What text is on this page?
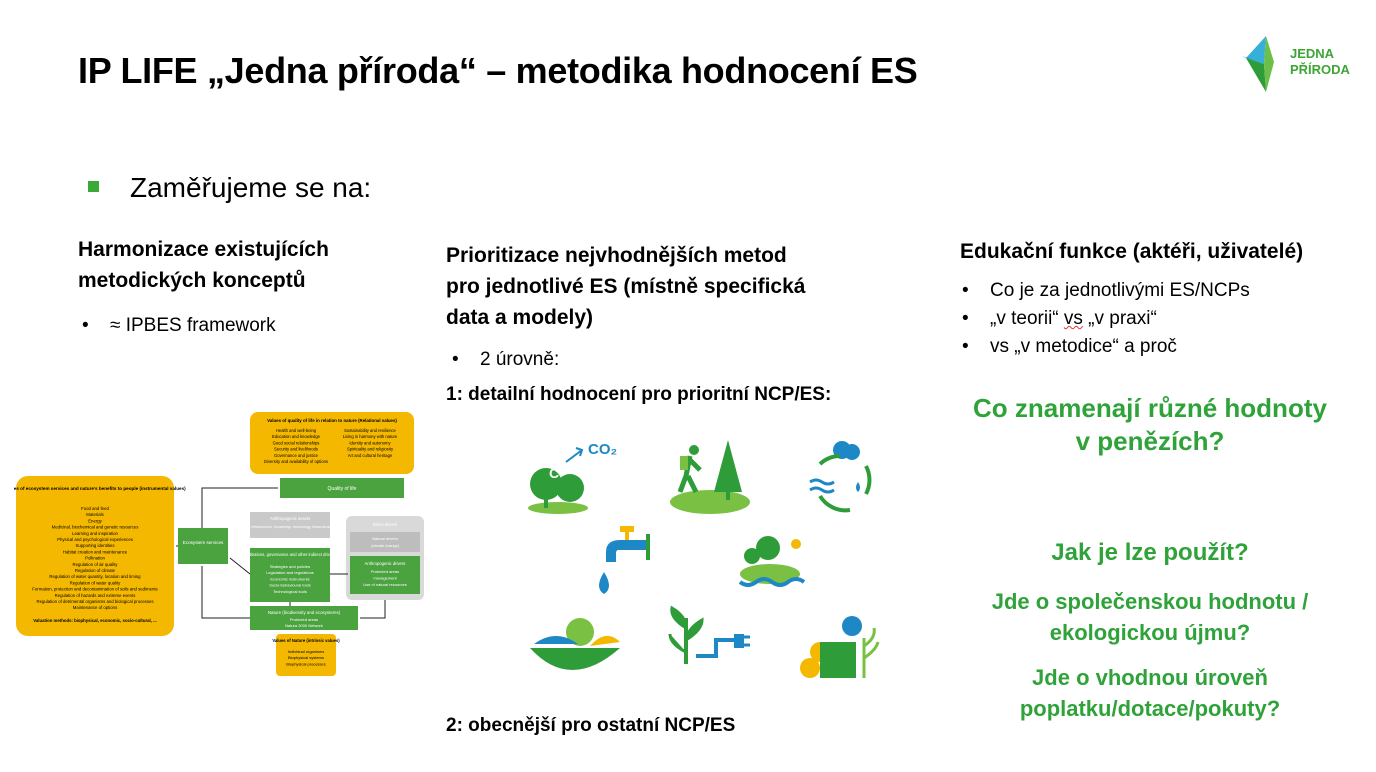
IP LIFE „Jedna příroda“ – metodika hodnocení ES	JEDNA
PŘÍRODA
Zaměřujeme se na:
Harmonizace existujících
metodických konceptů
• ≈ IPBES framework
Values of ecosystem services and nature's benefits to people (instrumental values)
Food and feed
Materials
Energy
Medicinal, biochemical and genetic resources
Learning and inspiration
Physical and psychological experiences
Supporting identities
Habitat creation and maintenance
Pollination
Regulation of air quality
Regulation of climate
Regulation of water quantity, location and timing
Regulation of water quality
Formation, protection and decontamination of soils and sediments
Regulation of hazards and extreme events
Regulation of detrimental organisms and biological processes
Maintenance of options
Valuation methods: biophysical, economic, socio-cultural, ...
Values of quality of life in relation to nature (Relational values)
Health and well-being
Education and knowledge
Good social relationships
Security and livelihoods
Governance and justice
Diversity and availability of options
Sustainability and resilience
Living in harmony with nature
Identity and autonomy
Spirituality and religiosity
Art and cultural heritage
Quality of life
Ecosystem services
Anthropogenic assets
Built infrastructure, knowledge, technology, financial assets
Institutions, governance and other indirect drivers
Strategies and policies
Legislation and regulations
Economic instruments
Socio-behavioural tools
Technological tools
Direct drivers
Natural drivers
(climate change)
Anthropogenic drivers
Protected areas
management
Use of natural resources
Nature (biodiversity and ecosystems)
Protected areas
Natura 2000 Network
Values of Nature (intrinsic values)
Individual organisms
Biophysical systems
Biophysical processes
Prioritizace nejvhodnějších metod
pro jednotlivé ES (místně specifická
data a modely)
• 2 úrovně:
1: detailní hodnocení pro prioritní NCP/ES:
C
CO₂
2: obecnější pro ostatní NCP/ES
Edukační funkce (aktéři, uživatelé)
• Co je za jednotlivými ES/NCPs
• „v teorii“ vs „v praxi“
• vs „v metodice“ a proč
Co znamenají různé hodnoty
v penězích?
Jak je lze použít?
Jde o společenskou hodnotu /
ekologickou újmu?
Jde o vhodnou úroveň
poplatku/dotace/pokuty?
